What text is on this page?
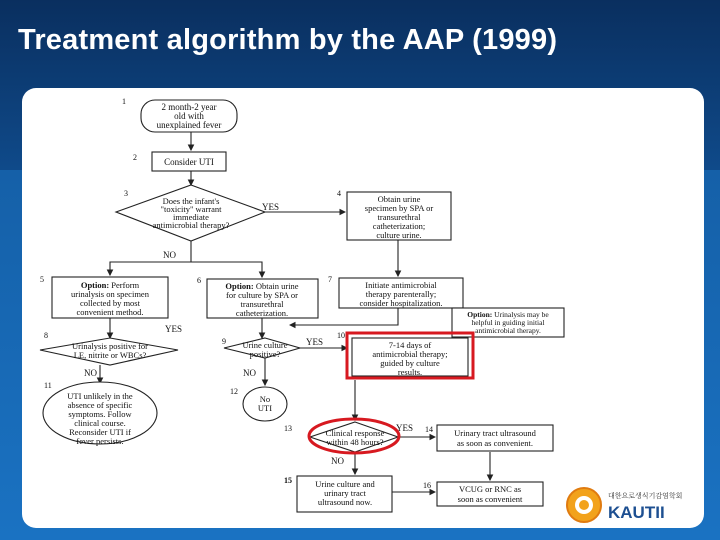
Treatment algorithm by the AAP (1999)
YES
NO
YES
YES
NO	NO
YES
NO
1
2 month-2 year
old with
unexplained fever
2	Consider UTI
3
Does the infant's
"toxicity" warrant
immediate
antimicrobial therapy?
4
Obtain urine
specimen by SPA or
transurethral
catheterization;
culture urine.
5
Option: Perform
urinalysis on specimen
collected by most
convenient method.
6
Option: Obtain urine
for culture by SPA or
transurethral
catheterization.
7
Initiate antimicrobial
therapy parenterally;
consider hospitalization.
Option: Urinalysis may be
helpful in guiding initial
antimicrobial therapy.
8
Urinalysis positive for
LE, nitrite or WBCs?
9 Urine culture
positive?
10
7-14 days of
antimicrobial therapy;
guided by culture
results.
11
UTI unlikely in the
absence of specific
symptoms. Follow
clinical course.
Reconsider UTI if
fever persists.
12
No
UTI
13	Clinical response
within 48 hours?
14 Urinary tract ultrasound
as soon as convenient.
15	Urine culture and
urinary tract
ultrasound now.
16	VCUG or RNC as
soon as convenient	대한요로생식기감염학회
KAUTII
